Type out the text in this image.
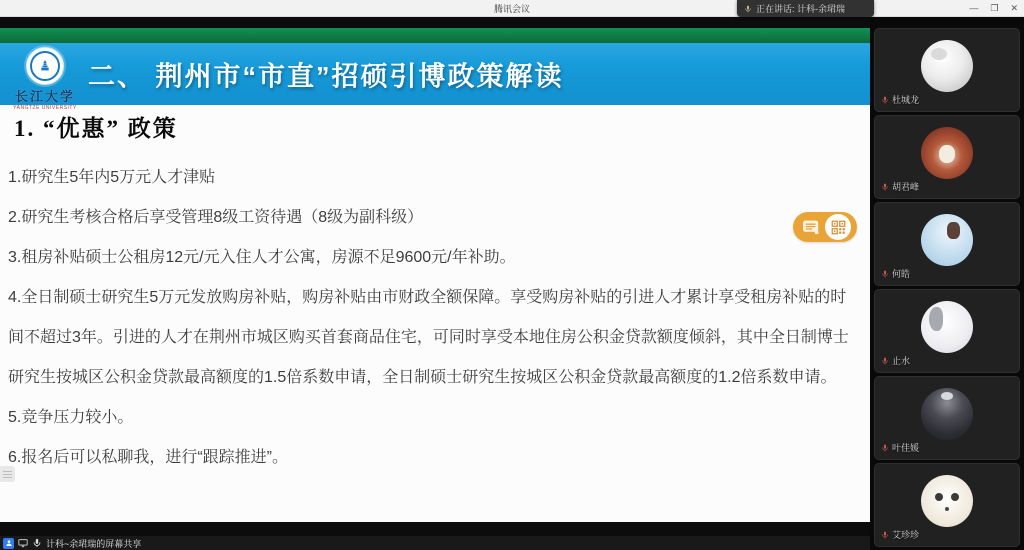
腾讯会议	— ❐ ✕
正在讲话: 计科-余珺瑞
长江大学
YANGTZE UNIVERSITY
二、 荆州市“市直”招硕引博政策解读
1. “优惠” 政策

1.研究生5年内5万元人才津贴

2.研究生考核合格后享受管理8级工资待遇（8级为副科级）

3.租房补贴硕士公租房12元/元入住人才公寓，房源不足9600元/年补助。

4.全日制硕士研究生5万元发放购房补贴，购房补贴由市财政全额保障。享受购房补贴的引进人才累计享受租房补贴的时间不超过3年。引进的人才在荆州市城区购买首套商品住宅，可同时享受本地住房公积金贷款额度倾斜，其中全日制博士研究生按城区公积金贷款最高额度的1.5倍系数申请，全日制硕士研究生按城区公积金贷款最高额度的1.2倍系数申请。

5.竞争压力较小。

6.报名后可以私聊我，进行“跟踪推进”。

计科~余珺瑞的屏幕共享
杜城龙
胡君峰
何皓
止水
叶佳媛
艾珍珍
